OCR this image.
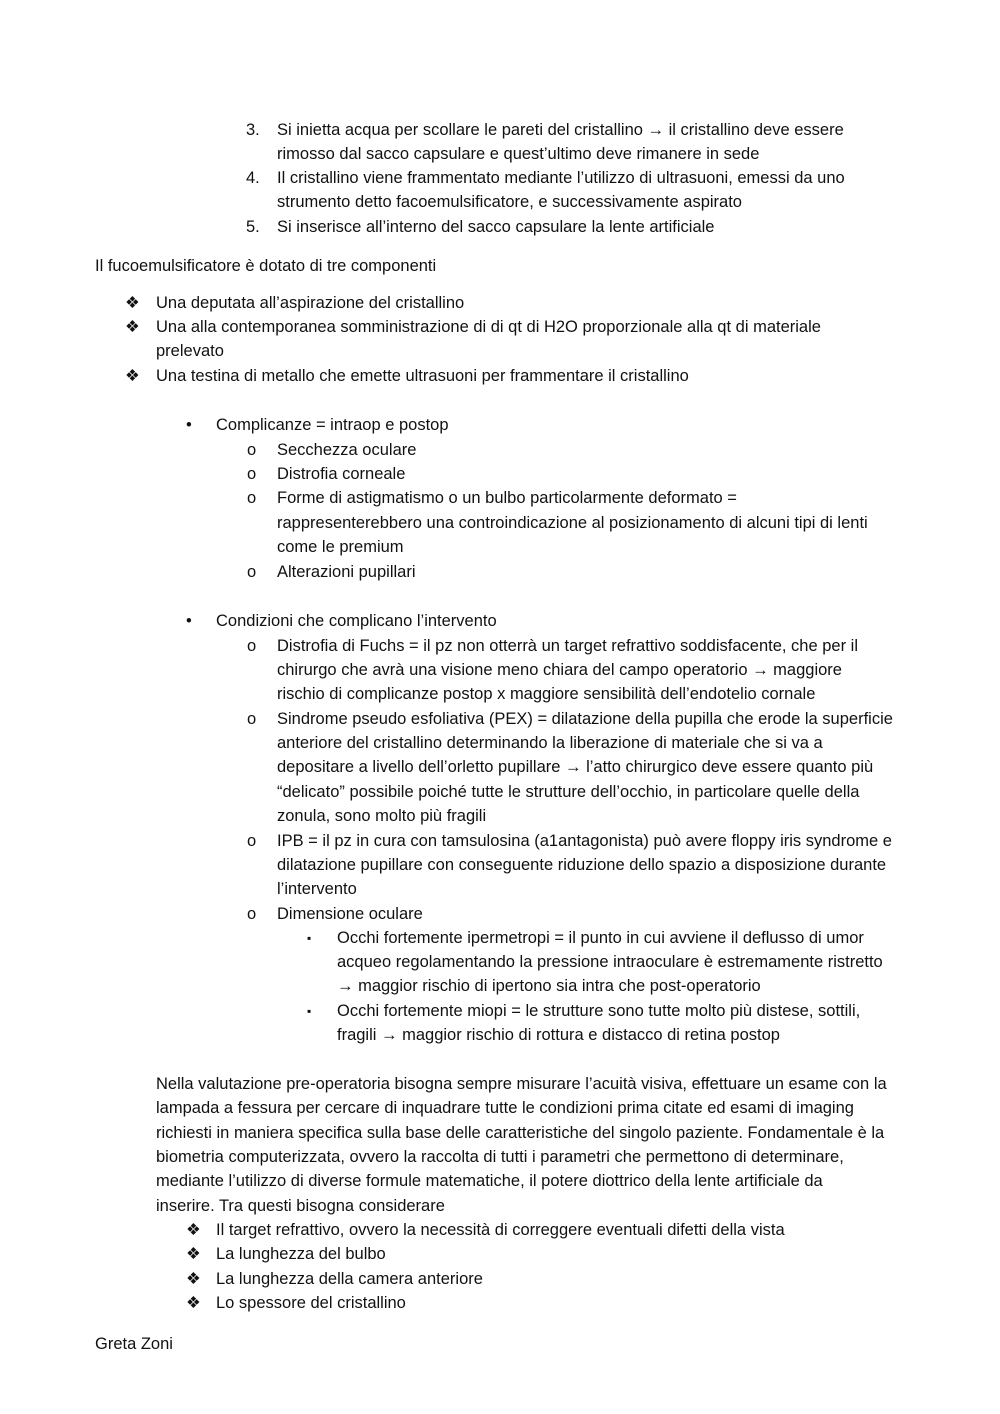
3. Si inietta acqua per scollare le pareti del cristallino → il cristallino deve essere
rimosso dal sacco capsulare e quest’ultimo deve rimanere in sede
4. Il cristallino viene frammentato mediante l’utilizzo di ultrasuoni, emessi da uno
strumento detto facoemulsificatore, e successivamente aspirato
5. Si inserisce all’interno del sacco capsulare la lente artificiale
Il fucoemulsificatore è dotato di tre componenti
❖ Una deputata all’aspirazione del cristallino
❖ Una alla contemporanea somministrazione di di qt di H2O proporzionale alla qt di materiale
prelevato
❖ Una testina di metallo che emette ultrasuoni per frammentare il cristallino
• Complicanze = intraop e postop
o Secchezza oculare
o Distrofia corneale
o Forme di astigmatismo o un bulbo particolarmente deformato =
rappresenterebbero una controindicazione al posizionamento di alcuni tipi di lenti
come le premium
o Alterazioni pupillari
• Condizioni che complicano l’intervento
o Distrofia di Fuchs = il pz non otterrà un target refrattivo soddisfacente, che per il
chirurgo che avrà una visione meno chiara del campo operatorio → maggiore
rischio di complicanze postop x maggiore sensibilità dell’endotelio cornale
o Sindrome pseudo esfoliativa (PEX) = dilatazione della pupilla che erode la superficie
anteriore del cristallino determinando la liberazione di materiale che si va a
depositare a livello dell’orletto pupillare → l’atto chirurgico deve essere quanto più
“delicato” possibile poiché tutte le strutture dell’occhio, in particolare quelle della
zonula, sono molto più fragili
o IPB = il pz in cura con tamsulosina (a1antagonista) può avere floppy iris syndrome e
dilatazione pupillare con conseguente riduzione dello spazio a disposizione durante
l’intervento
o Dimensione oculare
▪ Occhi fortemente ipermetropi = il punto in cui avviene il deflusso di umor
acqueo regolamentando la pressione intraoculare è estremamente ristretto
→ maggior rischio di ipertono sia intra che post-operatorio
▪ Occhi fortemente miopi = le strutture sono tutte molto più distese, sottili,
fragili → maggior rischio di rottura e distacco di retina postop
Nella valutazione pre-operatoria bisogna sempre misurare l’acuità visiva, effettuare un esame con la
lampada a fessura per cercare di inquadrare tutte le condizioni prima citate ed esami di imaging
richiesti in maniera specifica sulla base delle caratteristiche del singolo paziente. Fondamentale è la
biometria computerizzata, ovvero la raccolta di tutti i parametri che permettono di determinare,
mediante l’utilizzo di diverse formule matematiche, il potere diottrico della lente artificiale da
inserire. Tra questi bisogna considerare
❖ Il target refrattivo, ovvero la necessità di correggere eventuali difetti della vista
❖ La lunghezza del bulbo
❖ La lunghezza della camera anteriore
❖ Lo spessore del cristallino
Greta Zoni
